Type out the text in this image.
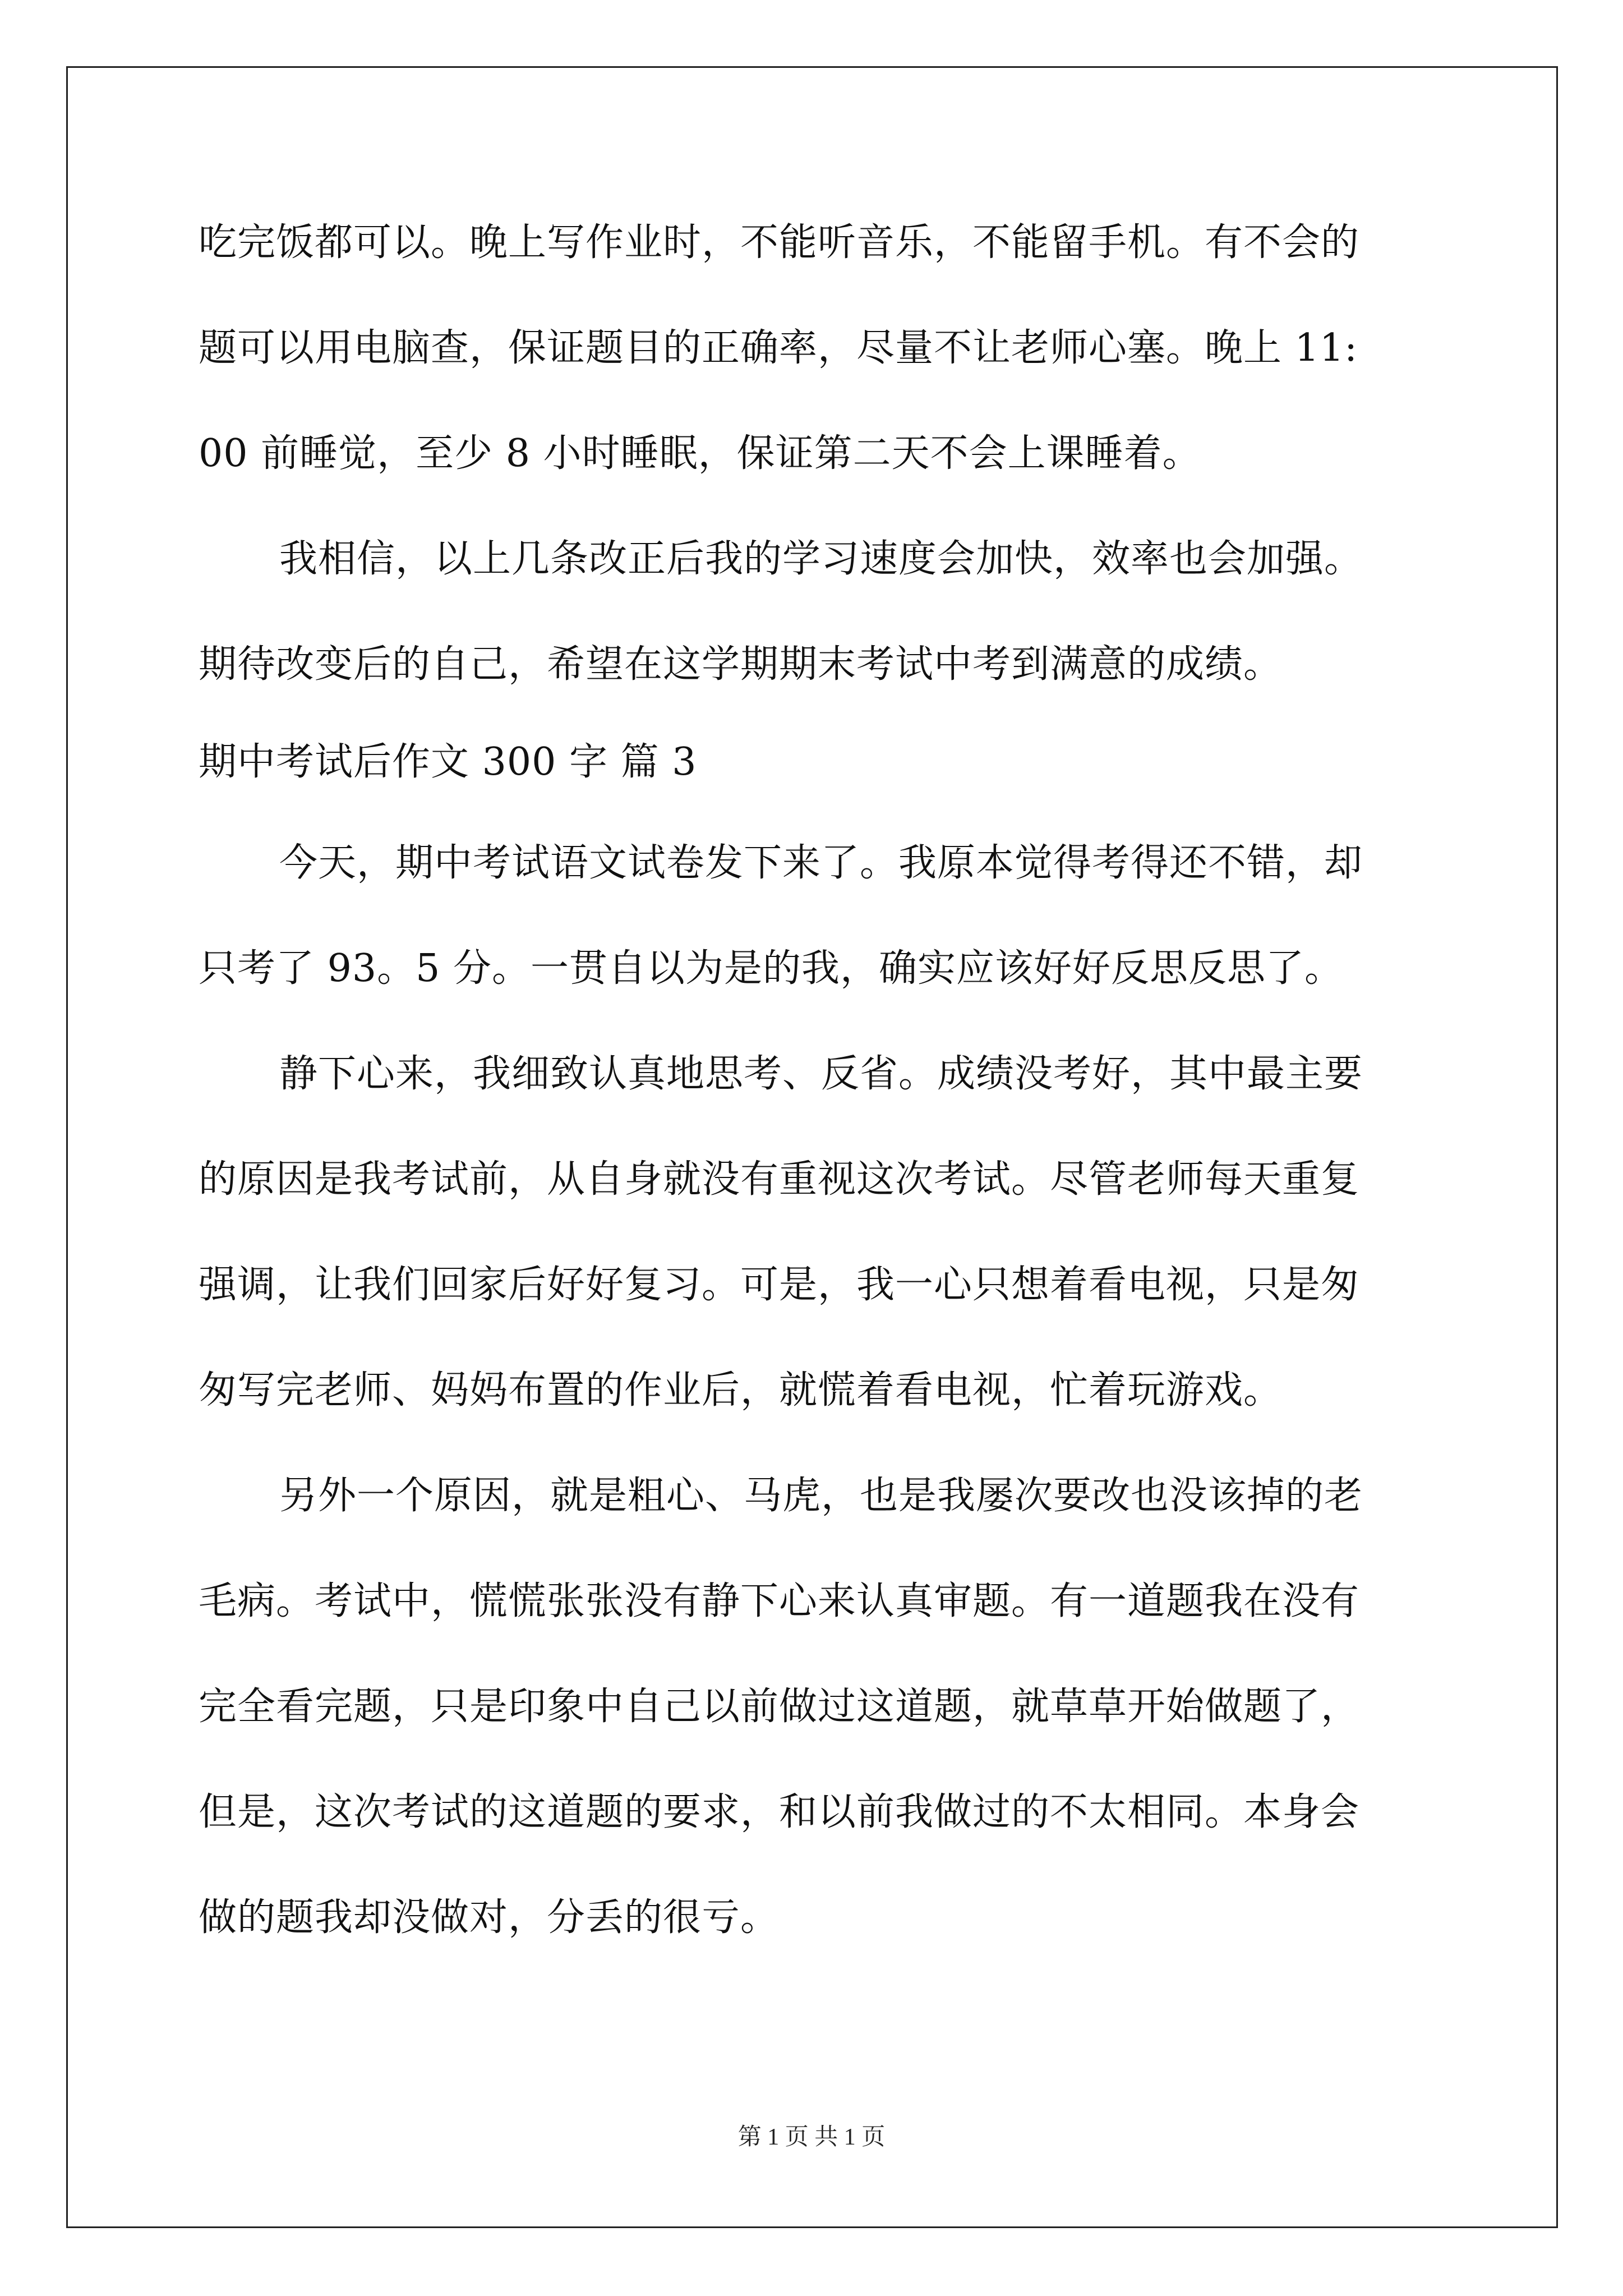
吃完饭都可以。晚上写作业时，不能听音乐，不能留手机。有不会的
题可以用电脑查，保证题目的正确率，尽量不让老师心塞。晚上 11:
00 前睡觉，至少 8 小时睡眠，保证第二天不会上课睡着。
我相信，以上几条改正后我的学习速度会加快，效率也会加强。
期待改变后的自己，希望在这学期期末考试中考到满意的成绩。
期中考试后作文 300 字 篇 3
今天，期中考试语文试卷发下来了。我原本觉得考得还不错，却
只考了 93。5 分。一贯自以为是的我，确实应该好好反思反思了。
静下心来，我细致认真地思考、反省。成绩没考好，其中最主要
的原因是我考试前，从自身就没有重视这次考试。尽管老师每天重复
强调，让我们回家后好好复习。可是，我一心只想着看电视，只是匆
匆写完老师、妈妈布置的作业后，就慌着看电视，忙着玩游戏。
另外一个原因，就是粗心、马虎，也是我屡次要改也没该掉的老
毛病。考试中，慌慌张张没有静下心来认真审题。有一道题我在没有
完全看完题，只是印象中自己以前做过这道题，就草草开始做题了，
但是，这次考试的这道题的要求，和以前我做过的不太相同。本身会
做的题我却没做对，分丢的很亏。
第 1 页 共 1 页
